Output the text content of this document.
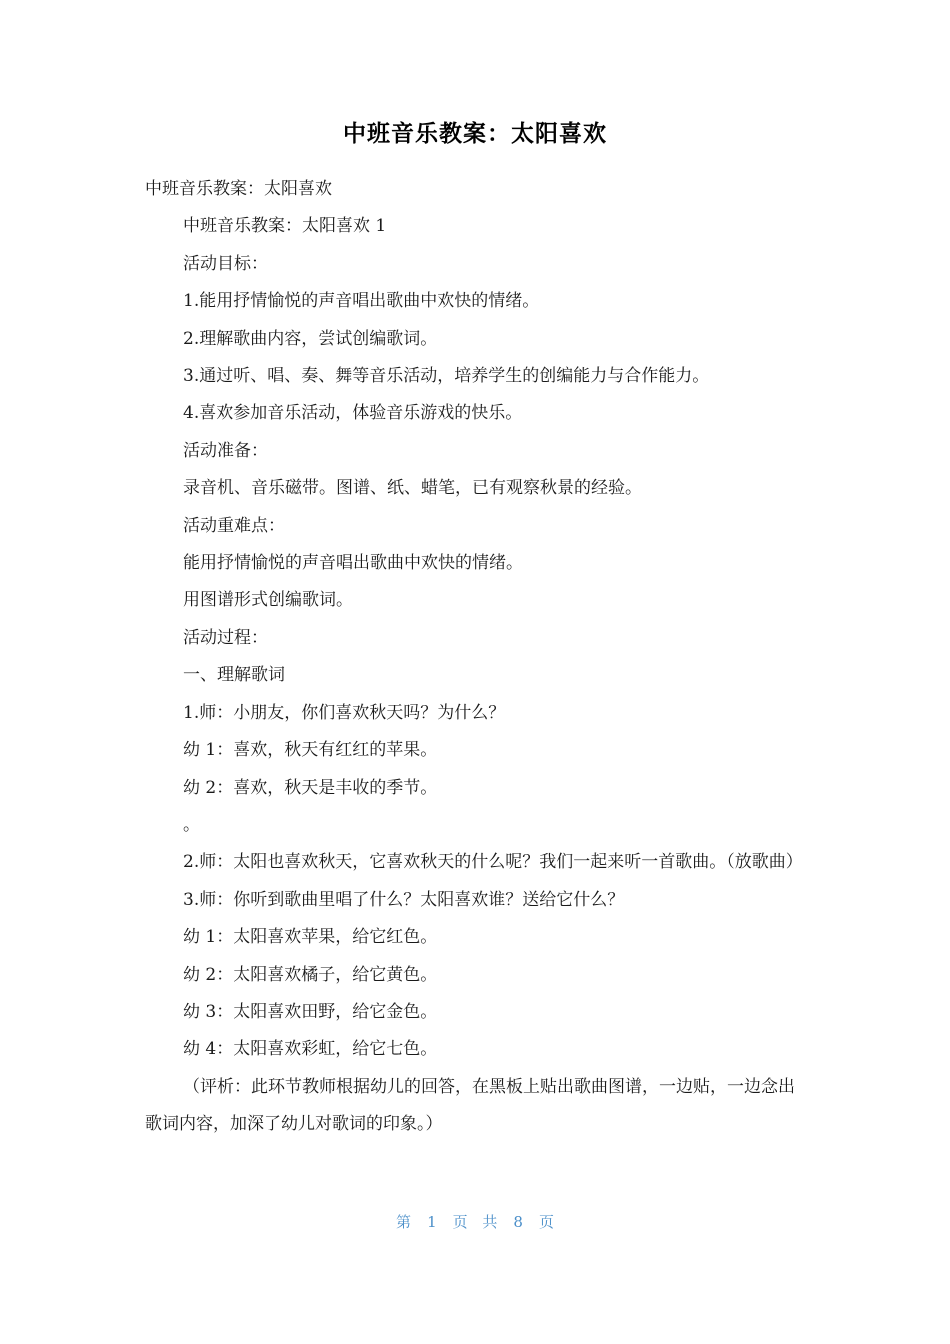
中班音乐教案：太阳喜欢

中班音乐教案：太阳喜欢

中班音乐教案：太阳喜欢 1

活动目标：

1.能用抒情愉悦的声音唱出歌曲中欢快的情绪。

2.理解歌曲内容，尝试创编歌词。

3.通过听、唱、奏、舞等音乐活动，培养学生的创编能力与合作能力。

4.喜欢参加音乐活动，体验音乐游戏的快乐。

活动准备：

录音机、音乐磁带。图谱、纸、蜡笔，已有观察秋景的经验。

活动重难点：

能用抒情愉悦的声音唱出歌曲中欢快的情绪。

用图谱形式创编歌词。

活动过程：

一、理解歌词

1.师：小朋友，你们喜欢秋天吗？为什么？

幼 1：喜欢，秋天有红红的苹果。

幼 2：喜欢，秋天是丰收的季节。

。

2.师：太阳也喜欢秋天，它喜欢秋天的什么呢？我们一起来听一首歌曲。（放歌曲）

3.师：你听到歌曲里唱了什么？太阳喜欢谁？送给它什么？

幼 1：太阳喜欢苹果，给它红色。

幼 2：太阳喜欢橘子，给它黄色。

幼 3：太阳喜欢田野，给它金色。

幼 4：太阳喜欢彩虹，给它七色。

（评析：此环节教师根据幼儿的回答，在黑板上贴出歌曲图谱，一边贴，一边念出歌词内容，加深了幼儿对歌词的印象。）

第 1 页 共 8 页
